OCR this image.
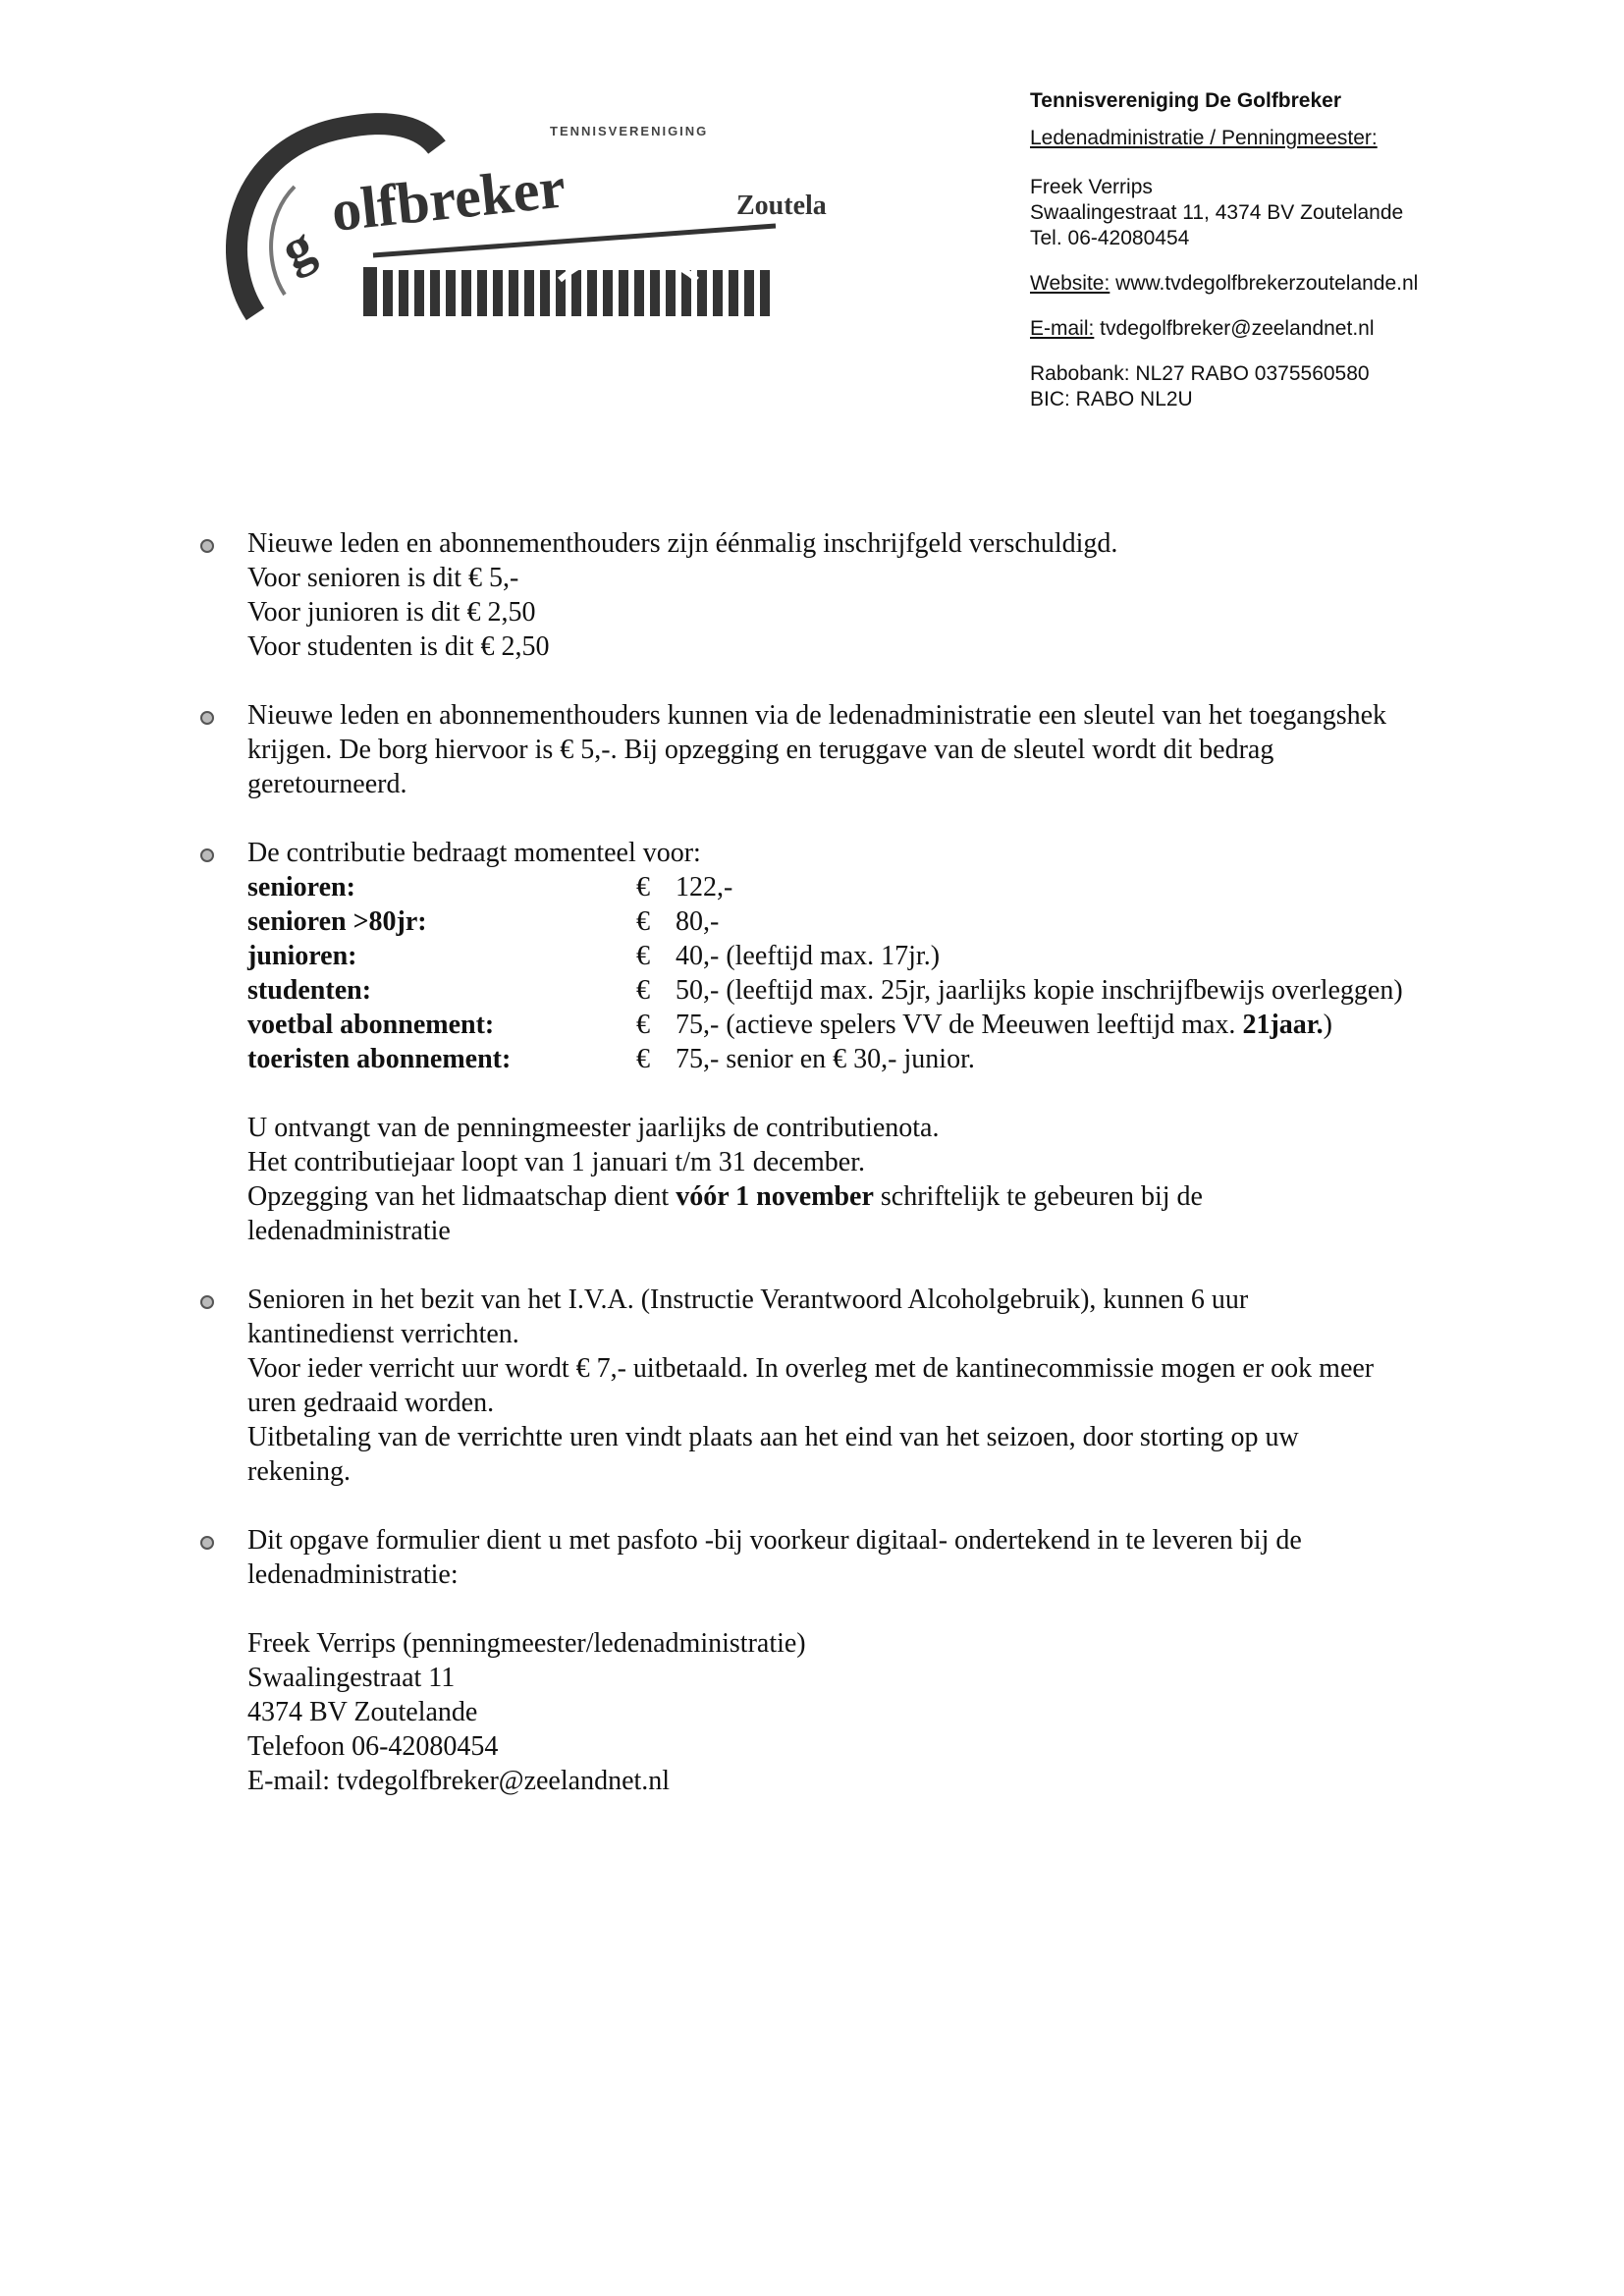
TENNISVERENIGING
g
olfbreker	Zoutela
Tennisvereniging De Golfbreker
Ledenadministratie / Penningmeester:
Freek Verrips
Swaalingestraat 11, 4374 BV Zoutelande
Tel. 06-42080454
Website: www.tvdegolfbrekerzoutelande.nl
E-mail: tvdegolfbreker@zeelandnet.nl
Rabobank: NL27 RABO 0375560580
BIC: RABO NL2U
Nieuwe leden en abonnementhouders zijn éénmalig inschrijfgeld verschuldigd.
Voor senioren is dit € 5,-
Voor junioren is dit € 2,50
Voor studenten is dit € 2,50
Nieuwe leden en abonnementhouders kunnen via de ledenadministratie een sleutel van het toegangshek
krijgen. De borg hiervoor is € 5,-. Bij opzegging en teruggave van de sleutel wordt dit bedrag
geretourneerd.
De contributie bedraagt momenteel voor:
senioren:	€ 122,-
senioren >80jr:	€ 80,-
junioren:	€ 40,- (leeftijd max. 17jr.)
studenten:	€ 50,- (leeftijd max. 25jr, jaarlijks kopie inschrijfbewijs overleggen)
voetbal abonnement:	€ 75,- (actieve spelers VV de Meeuwen leeftijd max. 21jaar.)
toeristen abonnement:	€ 75,- senior en € 30,- junior.
U ontvangt van de penningmeester jaarlijks de contributienota.
Het contributiejaar loopt van 1 januari t/m 31 december.
Opzegging van het lidmaatschap dient vóór 1 november schriftelijk te gebeuren bij de
ledenadministratie
Senioren in het bezit van het I.V.A. (Instructie Verantwoord Alcoholgebruik), kunnen 6 uur
kantinedienst verrichten.
Voor ieder verricht uur wordt € 7,- uitbetaald. In overleg met de kantinecommissie mogen er ook meer
uren gedraaid worden.
Uitbetaling van de verrichtte uren vindt plaats aan het eind van het seizoen, door storting op uw
rekening.
Dit opgave formulier dient u met pasfoto -bij voorkeur digitaal- ondertekend in te leveren bij de
ledenadministratie:
Freek Verrips (penningmeester/ledenadministratie)
Swaalingestraat 11
4374 BV Zoutelande
Telefoon 06-42080454
E-mail: tvdegolfbreker@zeelandnet.nl
